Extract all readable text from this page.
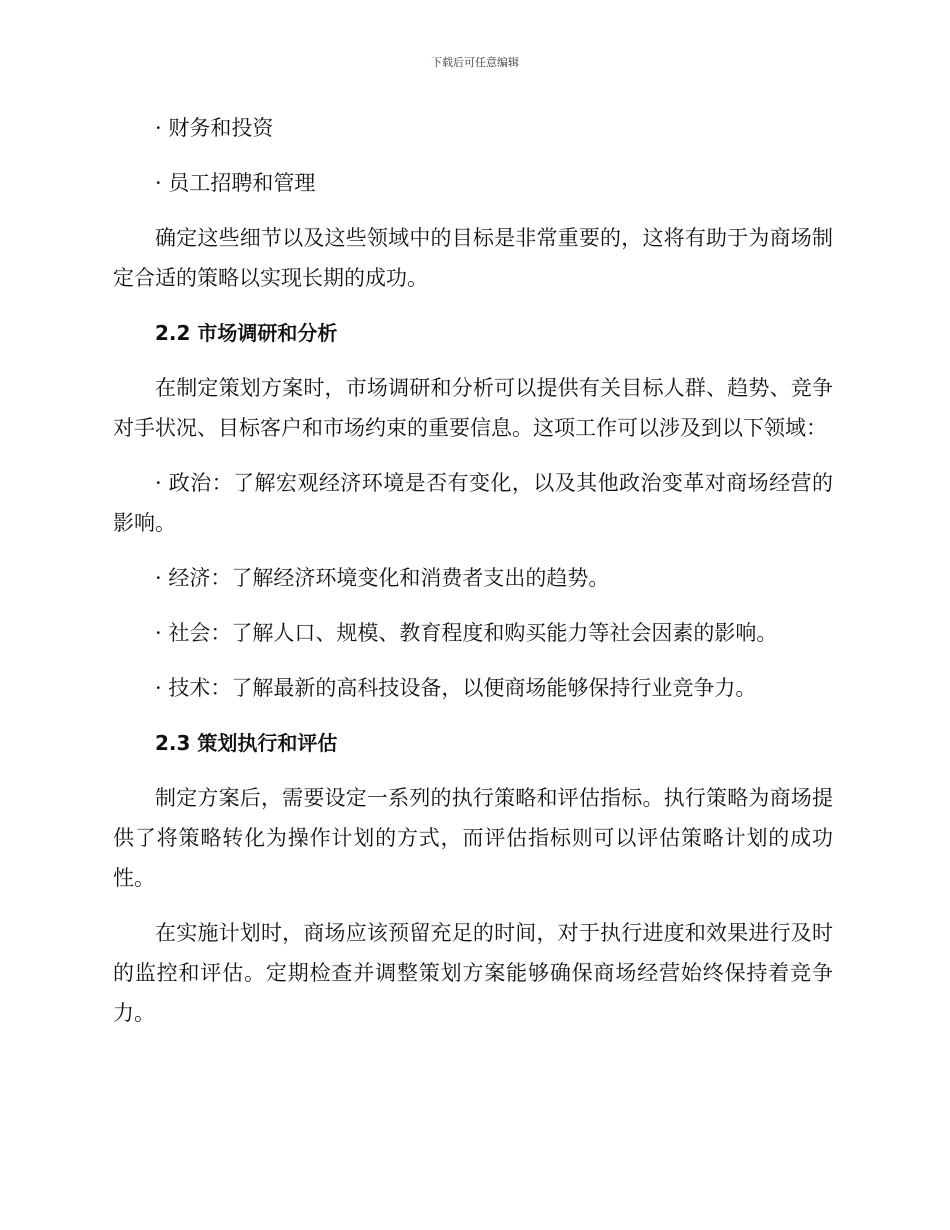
下载后可任意编辑

· 财务和投资

· 员工招聘和管理

确定这些细节以及这些领域中的目标是非常重要的，这将有助于为商场制定合适的策略以实现长期的成功。

2.2 市场调研和分析

在制定策划方案时，市场调研和分析可以提供有关目标人群、趋势、竞争对手状况、目标客户和市场约束的重要信息。这项工作可以涉及到以下领域：

· 政治：了解宏观经济环境是否有变化，以及其他政治变革对商场经营的影响。

· 经济：了解经济环境变化和消费者支出的趋势。

· 社会：了解人口、规模、教育程度和购买能力等社会因素的影响。

· 技术：了解最新的高科技设备，以便商场能够保持行业竞争力。

2.3 策划执行和评估

制定方案后，需要设定一系列的执行策略和评估指标。执行策略为商场提供了将策略转化为操作计划的方式，而评估指标则可以评估策略计划的成功性。

在实施计划时，商场应该预留充足的时间，对于执行进度和效果进行及时的监控和评估。定期检查并调整策划方案能够确保商场经营始终保持着竞争力。
